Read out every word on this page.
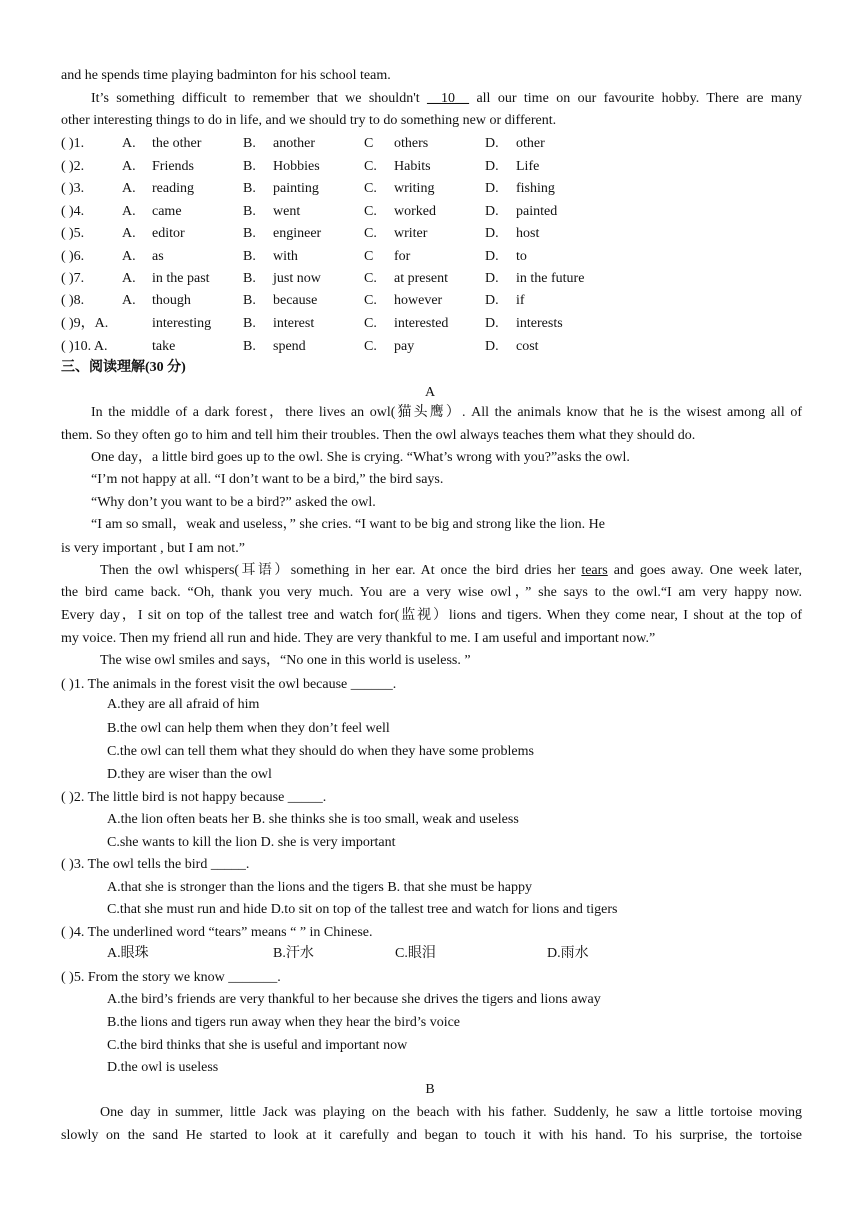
and he spends time playing badminton for his school team.
It’s something difficult to remember that we shouldn't __10__ all our time on our favourite hobby. There are many
other interesting things to do in life, and we should try to do something new or different.
( )1.	A. the other	B. another	C others	D. other
( )2.	A. Friends	B. Hobbies	C. Habits	D. Life
( )3.	A. reading	B. painting	C. writing	D. fishing
( )4.	A. came	B. went	C. worked	D. painted
( )5.	A. editor	B. engineer	C. writer	D. host
( )6.	A. as	B. with	C for	D. to
( )7.	A. in the past B. just now	C. at present	D. in the future
( )8.	A. though	B. because	C. however	D. if
( )9，A.	interesting B. interest	C. interested	D. interests
( )10. A.	take	B. spend	C. pay	D. cost
三、阅读理解(30 分)
A
In the middle of a dark forest，there lives an owl(猫头鹰）. All the animals know that he is the wisest among all of
them. So they often go to him and tell him their troubles. Then the owl always teaches them what they should do.
One day，a little bird goes up to the owl. She is crying. “What’s wrong with you?”asks the owl.
“I’m not happy at all. “I don’t want to be a bird,” the bird says.
“Why don’t you want to be a bird?” asked the owl.
“I am so small，weak and useless，” she cries. “I want to be big and strong like the lion. He
is very important , but I am not.”
Then the owl whispers(耳语）something in her ear. At once the bird dries her tears and goes away. One week later,
the bird came back. “Oh, thank you very much. You are a very wise owl，” she says to the owl.“I am very happy now.
Every day，I sit on top of the tallest tree and watch for(监视）lions and tigers. When they come near, I shout at the top of
my voice. Then my friend all run and hide. They are very thankful to me. I am useful and important now.”
The wise owl smiles and says，“No one in this world is useless. ”
( )1. The animals in the forest visit the owl because ______.
A.they are all afraid of him
B.the owl can help them when they don’t feel well
C.the owl can tell them what they should do when they have some problems
D.they are wiser than the owl
( )2. The little bird is not happy because _____.
A.the lion often beats her B. she thinks she is too small, weak and useless
C.she wants to kill the lion D. she is very important
( )3. The owl tells the bird _____.
A.that she is stronger than the lions and the tigers B. that she must be happy
C.that she must run and hide D.to sit on top of the tallest tree and watch for lions and tigers
( )4. The underlined word “tears” means “ ” in Chinese.
A.眼珠	B.汗水	C.眼泪	D.雨水
( )5. From the story we know _______.
A.the bird’s friends are very thankful to her because she drives the tigers and lions away
B.the lions and tigers run away when they hear the bird’s voice
C.the bird thinks that she is useful and important now
D.the owl is useless
B
One day in summer, little Jack was playing on the beach with his father. Suddenly, he saw a little tortoise moving
slowly on the sand He started to look at it carefully and began to touch it with his hand. To his surprise, the tortoise
